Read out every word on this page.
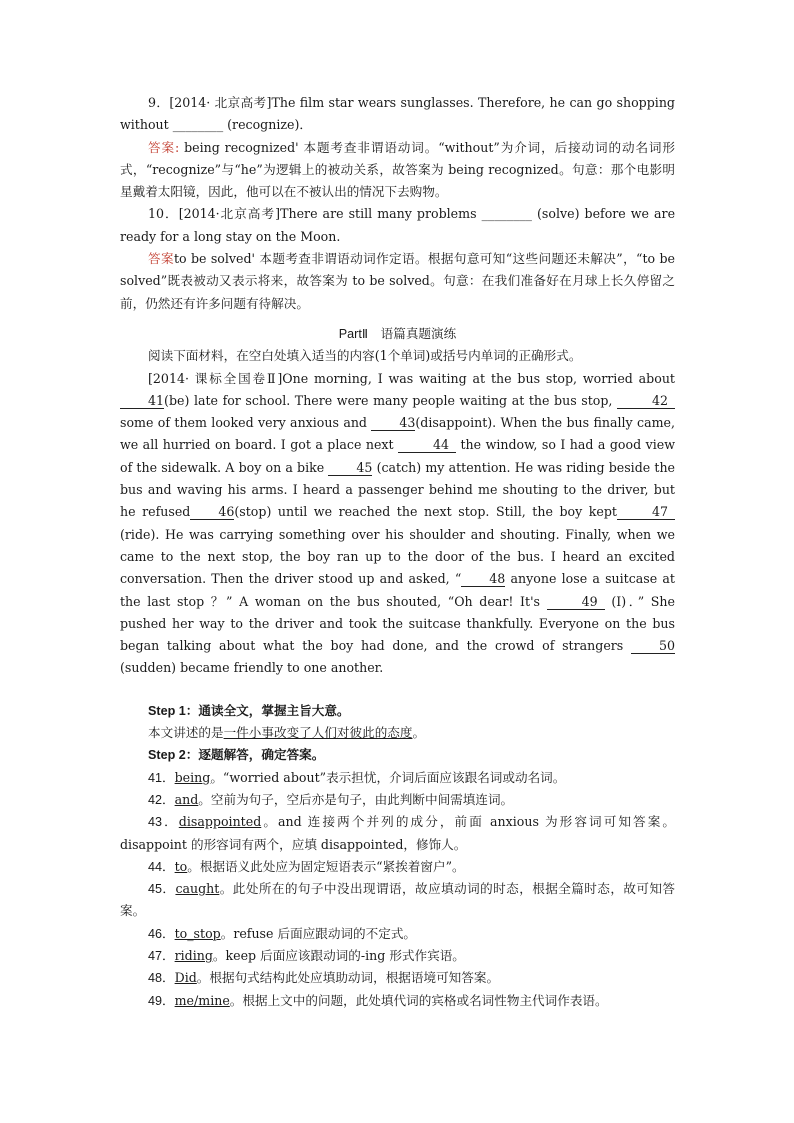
9．[2014· 北京高考]The film star wears sunglasses. Therefore, he can go shopping without ________ (recognize)．

答案: being recognized' 本题考查非谓语动词。“without”为介词，后接动词的动名词形式，“recognize”与“he”为逻辑上的被动关系，故答案为 being recognized。句意：那个电影明星戴着太阳镜，因此，他可以在不被认出的情况下去购物。

10．[2014·北京高考]There are still many problems ________ (solve) before we are ready for a long stay on the Moon.

答案to be solved' 本题考查非谓语动词作定语。根据句意可知“这些问题还未解决”，“to be solved”既表被动又表示将来，故答案为 to be solved。句意：在我们准备好在月球上长久停留之前，仍然还有许多问题有待解决。

PartⅡ　语篇真题演练

阅读下面材料，在空白处填入适当的内容(1个单词)或括号内单词的正确形式。

[2014· 课标全国卷Ⅱ]One morning, I was waiting at the bus stop, worried about 41(be) late for school. There were many people waiting at the bus stop,	42 some of them looked very anxious and	43(disappoint). When the bus finally came, we all hurried on board. I got a place next	44 the window, so I had a good view of the sidewalk. A boy on a bike	45 (catch) my attention. He was riding beside the bus and waving his arms. I heard a passenger behind me shouting to the driver, but he refused 46(stop) until we reached the next stop. Still, the boy kept	47 (ride). He was carrying something over his shoulder and shouting. Finally, when we came to the next stop, the boy ran up to the door of the bus. I heard an excited conversation. Then the driver stood up and asked, “ 48 anyone lose a suitcase at the last stop ？” A woman on the bus shouted, “Oh dear! It's	49 (I)．” She pushed her way to the driver and took the suitcase thankfully. Everyone on the bus began talking about what the boy had done, and the crowd of strangers	50 (sudden) became friendly to one another.

Step 1：通读全文，掌握主旨大意。

本文讲述的是一件小事改变了人们对彼此的态度。

Step 2：逐题解答，确定答案。

41．being。“worried about”表示担忧，介词后面应该跟名词或动名词。

42．and。空前为句子，空后亦是句子，由此判断中间需填连词。

43．disappointed。and 连接两个并列的成分，前面 anxious 为形容词可知答案。disappoint 的形容词有两个，应填 disappointed，修饰人。

44．to。根据语义此处应为固定短语表示“紧挨着窗户”。

45．caught。此处所在的句子中没出现谓语，故应填动词的时态，根据全篇时态，故可知答案。

46．to_stop。refuse 后面应跟动词的不定式。

47．riding。keep 后面应该跟动词的-ing 形式作宾语。

48．Did。根据句式结构此处应填助动词，根据语境可知答案。

49．me/mine。根据上文中的问题，此处填代词的宾格或名词性物主代词作表语。
